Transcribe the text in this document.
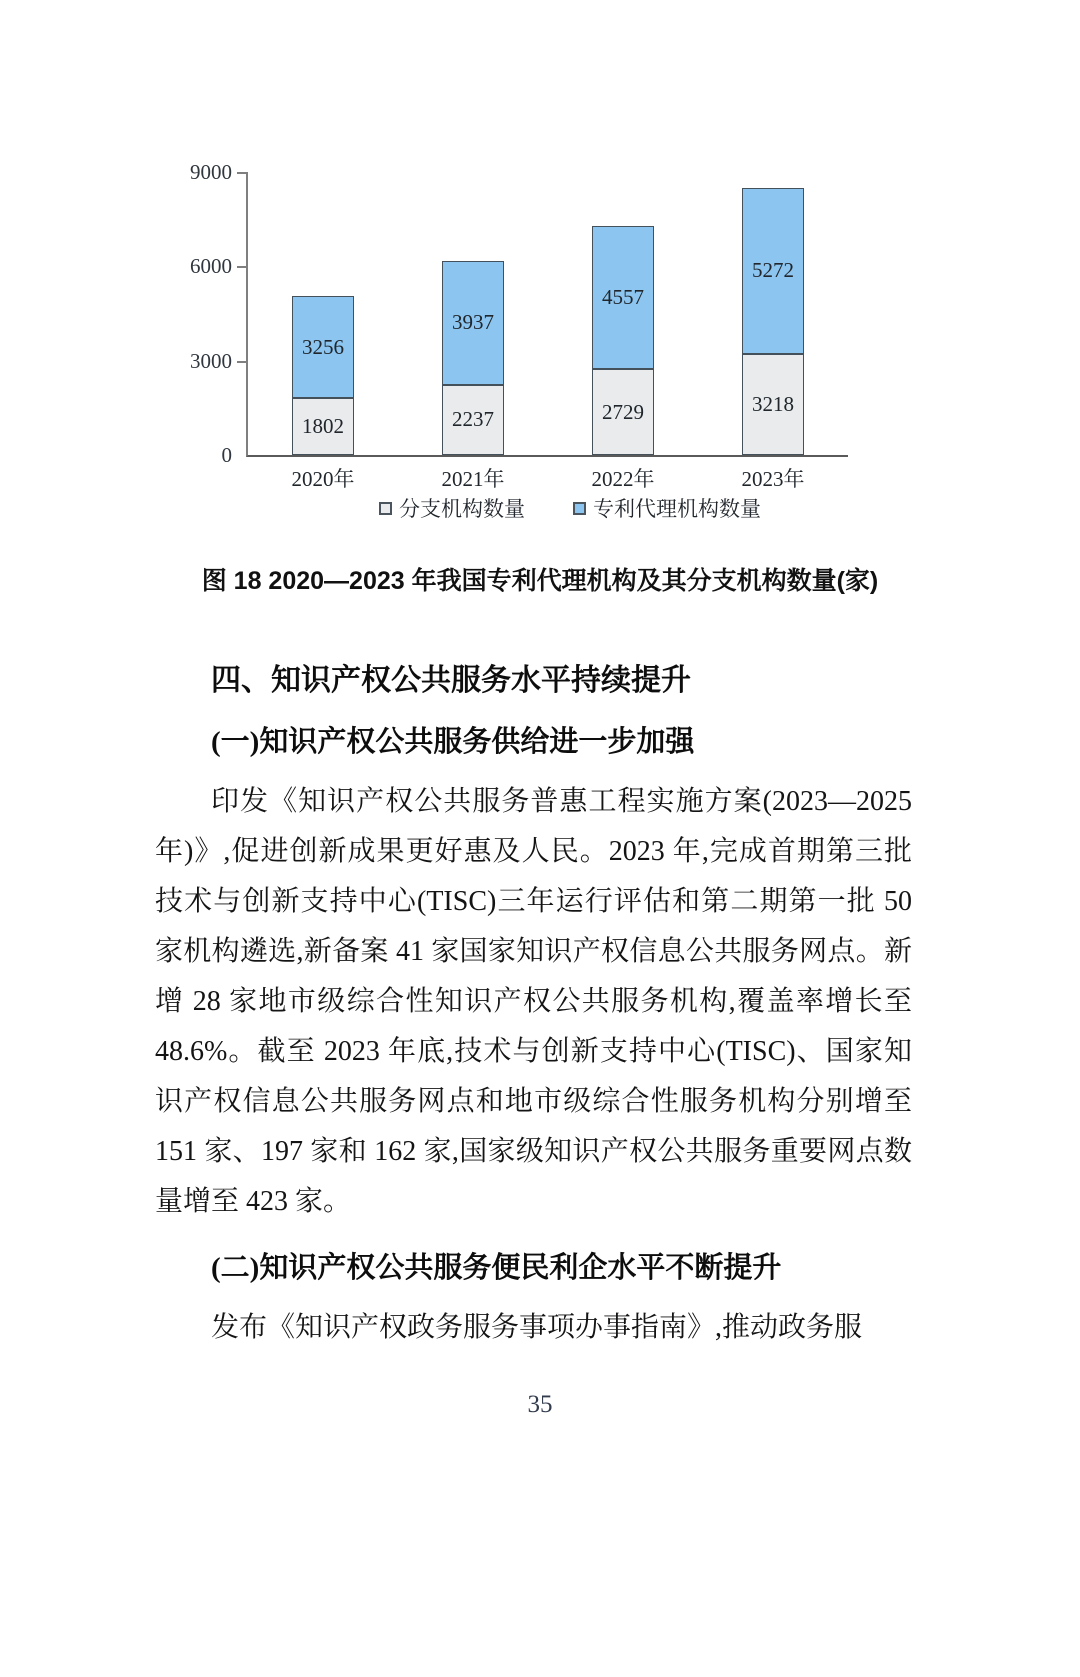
0
3000
6000
9000
1802
3256
2020年
2237
3937
2021年
2729
4557
2022年
3218
5272
2023年
分支机构数量	专利代理机构数量

图 18 2020—2023 年我国专利代理机构及其分支机构数量(家)

四、知识产权公共服务水平持续提升
(一)知识产权公共服务供给进一步加强

印发《知识产权公共服务普惠工程实施方案(2023—2025 年)》,促进创新成果更好惠及人民。2023 年,完成首期第三批技术与创新支持中心(TISC)三年运行评估和第二期第一批 50 家机构遴选,新备案 41 家国家知识产权信息公共服务网点。新增 28 家地市级综合性知识产权公共服务机构,覆盖率增长至 48.6%。截至 2023 年底,技术与创新支持中心(TISC)、国家知识产权信息公共服务网点和地市级综合性服务机构分别增至 151 家、197 家和 162 家,国家级知识产权公共服务重要网点数量增至 423 家。

(二)知识产权公共服务便民利企水平不断提升

发布《知识产权政务服务事项办事指南》,推动政务服

35
